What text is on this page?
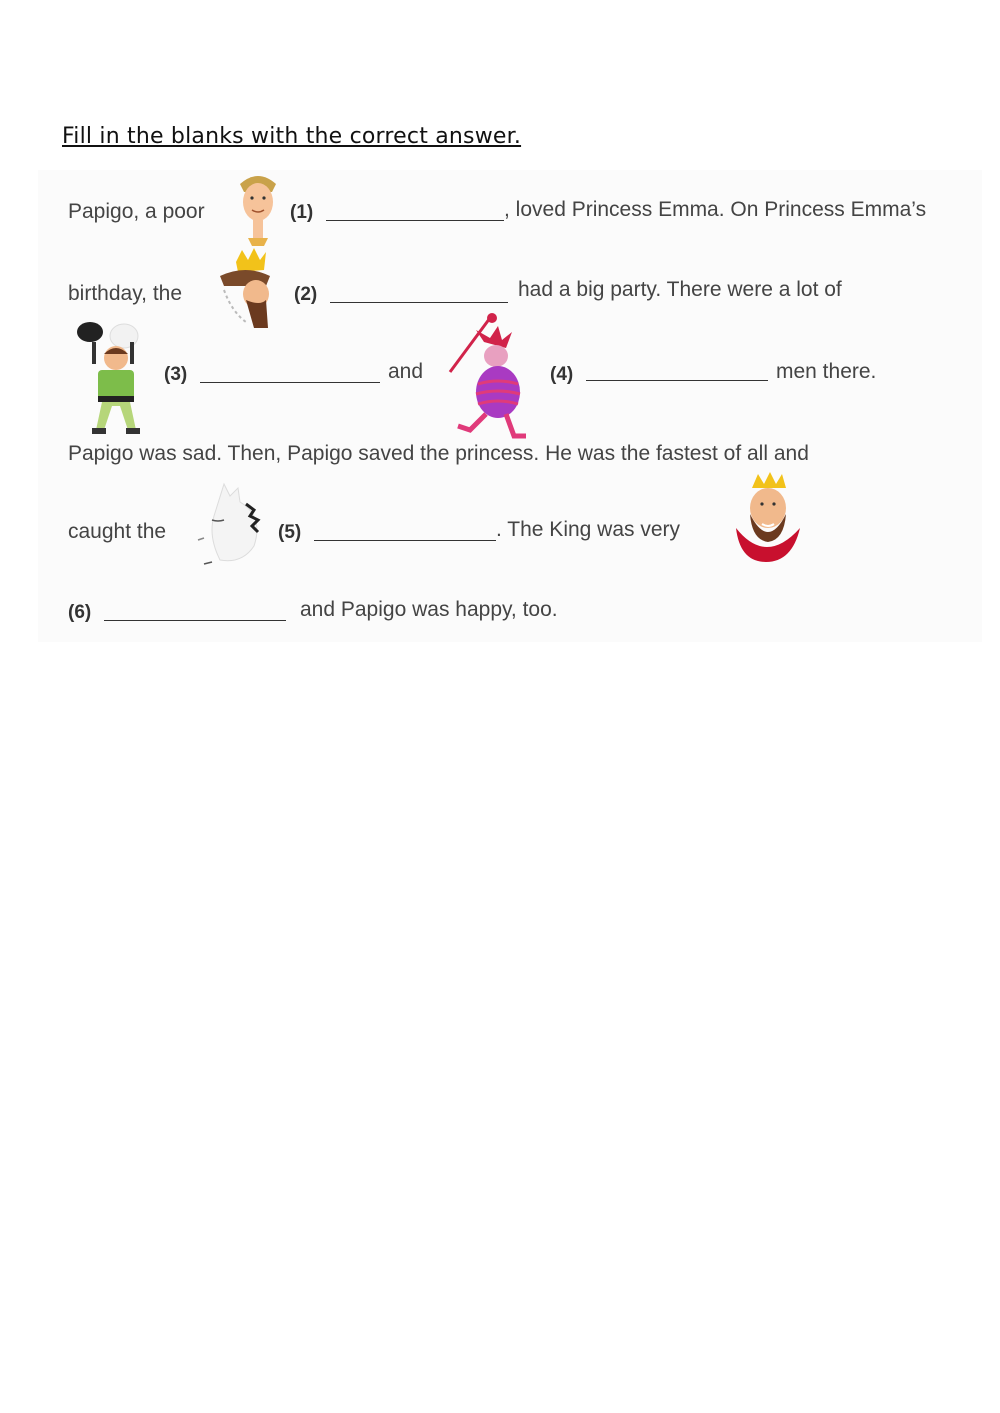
Fill in the blanks with the correct answer.
Papigo, a poor	(1)	, loved Princess Emma. On Princess Emma’s
birthday, the	(2)	had a big party. There were a lot of
(3)	and	(4)	men there.
Papigo was sad. Then, Papigo saved the princess. He was the fastest of all and
caught the	(5)	. The King was very
(6)	and Papigo was happy, too.
